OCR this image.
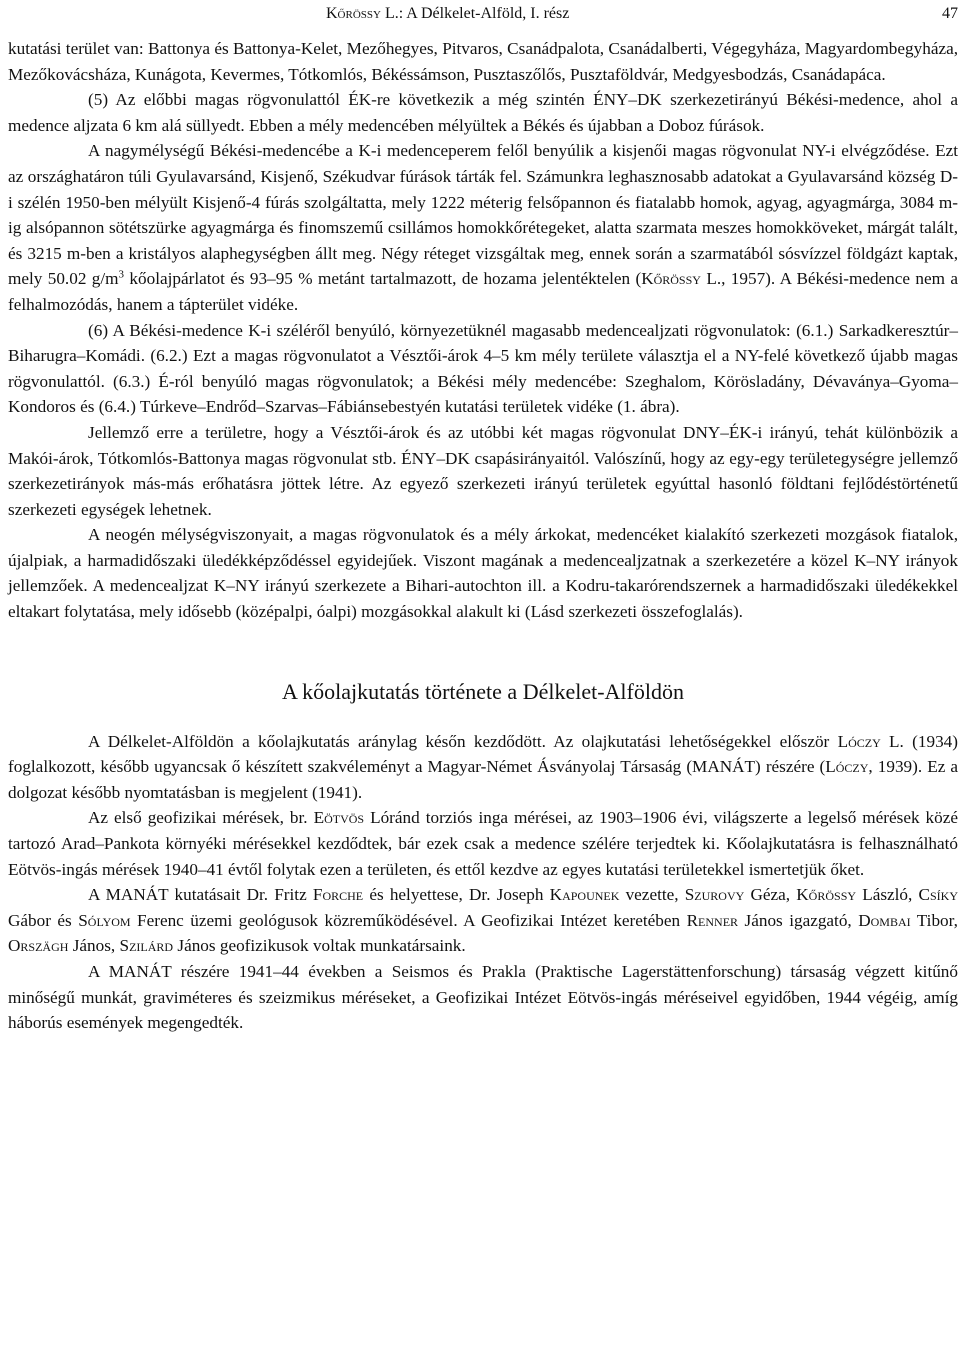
Kőrössy L.: A Délkelet-Alföld, I. rész	47

kutatási terület van: Battonya és Battonya-Kelet, Mezőhegyes, Pitvaros, Csanádpalota, Csanádalberti, Végegyháza, Magyardombegyháza, Mezőkovácsháza, Kunágota, Kevermes, Tótkomlós, Békéssámson, Pusztaszőlős, Pusztaföldvár, Medgyesbodzás, Csanádapáca.

(5) Az előbbi magas rögvonulattól ÉK-re következik a még szintén ÉNY–DK szerkezetirányú Békési-medence, ahol a medence aljzata 6 km alá süllyedt. Ebben a mély medencében mélyültek a Békés és újabban a Doboz fúrások.

A nagymélységű Békési-medencébe a K-i medenceperem felől benyúlik a kisjenői magas rögvonulat NY-i elvégződése. Ezt az országhatáron túli Gyulavarsánd, Kisjenő, Székudvar fúrások tárták fel. Számunkra leghasznosabb adatokat a Gyulavarsánd község D-i szélén 1950-ben mélyült Kisjenő-4 fúrás szolgáltatta, mely 1222 méterig felsőpannon és fiatalabb homok, agyag, agyagmárga, 3084 m-ig alsópannon sötétszürke agyagmárga és finomszemű csillámos homokkőrétegeket, alatta szarmata meszes homokköveket, márgát talált, és 3215 m-ben a kristályos alaphegységben állt meg. Négy réteget vizsgáltak meg, ennek során a szarmatából sósvízzel földgázt kaptak, mely 50.02 $g/m^3$ kőolajpárlatot és 93–95 % metánt tartalmazott, de hozama jelentéktelen (Kőrössy L., 1957). A Békési-medence nem a felhalmozódás, hanem a tápterület vidéke.

(6) A Békési-medence K-i széléről benyúló, környezetüknél magasabb medencealjzati rögvonulatok: (6.1.) Sarkadkeresztúr–Biharugra–Komádi. (6.2.) Ezt a magas rögvonulatot a Vésztői-árok 4–5 km mély területe választja el a NY-felé következő újabb magas rögvonulattól. (6.3.) É-ról benyúló magas rögvonulatok; a Békési mély medencébe: Szeghalom, Körösladány, Dévaványa–Gyoma–Kondoros és (6.4.) Túrkeve–Endrőd–Szarvas–Fábiánsebestyén kutatási területek vidéke (1. ábra).

Jellemző erre a területre, hogy a Vésztői-árok és az utóbbi két magas rögvonulat DNY–ÉK-i irányú, tehát különbözik a Makói-árok, Tótkomlós-Battonya magas rögvonulat stb. ÉNY–DK csapásirányaitól. Valószínű, hogy az egy-egy területegységre jellemző szerkezetirányok más-más erőhatásra jöttek létre. Az egyező szerkezeti irányú területek egyúttal hasonló földtani fejlődéstörténetű szerkezeti egységek lehetnek.

A neogén mélységviszonyait, a magas rögvonulatok és a mély árkokat, medencéket kialakító szerkezeti mozgások fiatalok, újalpiak, a harmadidőszaki üledékképződéssel egyidejűek. Viszont magának a medencealjzatnak a szerkezetére a közel K–NY irányok jellemzőek. A medencealjzat K–NY irányú szerkezete a Bihari-autochton ill. a Kodru-takarórendszernek a harmadidőszaki üledékekkel eltakart folytatása, mely idősebb (középalpi, óalpi) mozgásokkal alakult ki (Lásd szerkezeti összefoglalás).

A kőolajkutatás története a Délkelet-Alföldön

A Délkelet-Alföldön a kőolajkutatás aránylag későn kezdődött. Az olajkutatási lehetőségekkel először Lóczy L. (1934) foglalkozott, később ugyancsak ő készített szakvéleményt a Magyar-Német Ásványolaj Társaság (MANÁT) részére (Lóczy, 1939). Ez a dolgozat később nyomtatásban is megjelent (1941).

Az első geofizikai mérések, br. Eötvös Lóránd torziós inga mérései, az 1903–1906 évi, világszerte a legelső mérések közé tartozó Arad–Pankota környéki mérésekkel kezdődtek, bár ezek csak a medence szélére terjedtek ki. Kőolajkutatásra is felhasználható Eötvös-ingás mérések 1940–41 évtől folytak ezen a területen, és ettől kezdve az egyes kutatási területekkel ismertetjük őket.

A MANÁT kutatásait Dr. Fritz Forche és helyettese, Dr. Joseph Kapounek vezette, Szurovy Géza, Kőrössy László, Csíky Gábor és Sólyom Ferenc üzemi geológusok közreműködésével. A Geofizikai Intézet keretében Renner János igazgató, Dombai Tibor, Orszägh János, Szilárd János geofizikusok voltak munkatársaink.

A MANÁT részére 1941–44 években a Seismos és Prakla (Praktische Lagerstättenforschung) társaság végzett kitűnő minőségű munkát, graviméteres és szeizmikus méréseket, a Geofizikai Intézet Eötvös-ingás méréseivel egyidőben, 1944 végéig, amíg háborús események megengedték.
